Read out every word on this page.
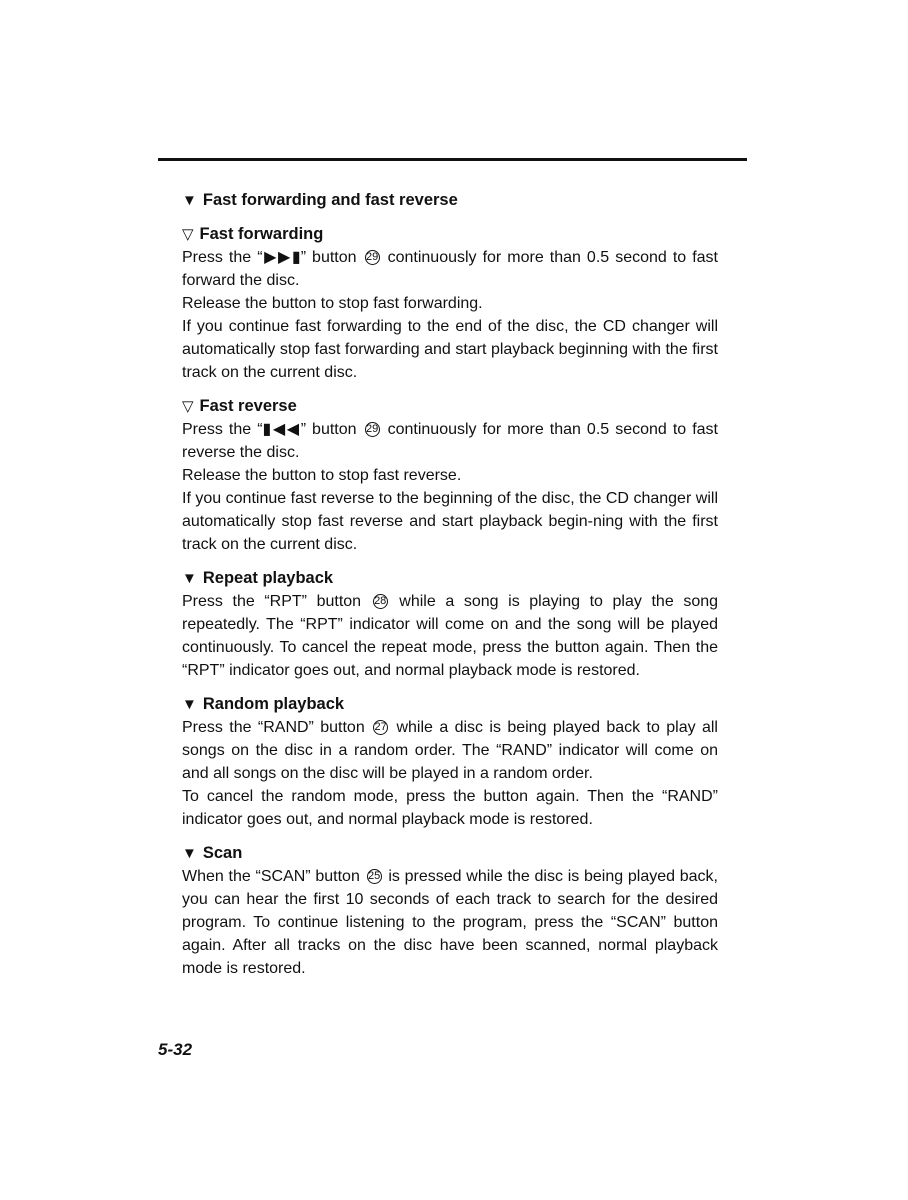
▼ Fast forwarding and fast reverse
▽ Fast forwarding

Press the “▶▶▮” button 29 continuously for more than 0.5 second to fast forward the disc.

Release the button to stop fast forwarding.

If you continue fast forwarding to the end of the disc, the CD changer will automatically stop fast forwarding and start playback beginning with the first track on the current disc.

▽ Fast reverse

Press the “▮◀◀” button 29 continuously for more than 0.5 second to fast reverse the disc.

Release the button to stop fast reverse.

If you continue fast reverse to the beginning of the disc, the CD changer will automatically stop fast reverse and start playback begin-ning with the first track on the current disc.

▼ Repeat playback

Press the “RPT” button 28 while a song is playing to play the song repeatedly. The “RPT” indicator will come on and the song will be played continuously. To cancel the repeat mode, press the button again. Then the “RPT” indicator goes out, and normal playback mode is restored.

▼ Random playback

Press the “RAND” button 27 while a disc is being played back to play all songs on the disc in a random order. The “RAND” indicator will come on and all songs on the disc will be played in a random order.

To cancel the random mode, press the button again. Then the “RAND” indicator goes out, and normal playback mode is restored.

▼ Scan

When the “SCAN” button 25 is pressed while the disc is being played back, you can hear the first 10 seconds of each track to search for the desired program. To continue listening to the program, press the “SCAN” button again. After all tracks on the disc have been scanned, normal playback mode is restored.

5-32
